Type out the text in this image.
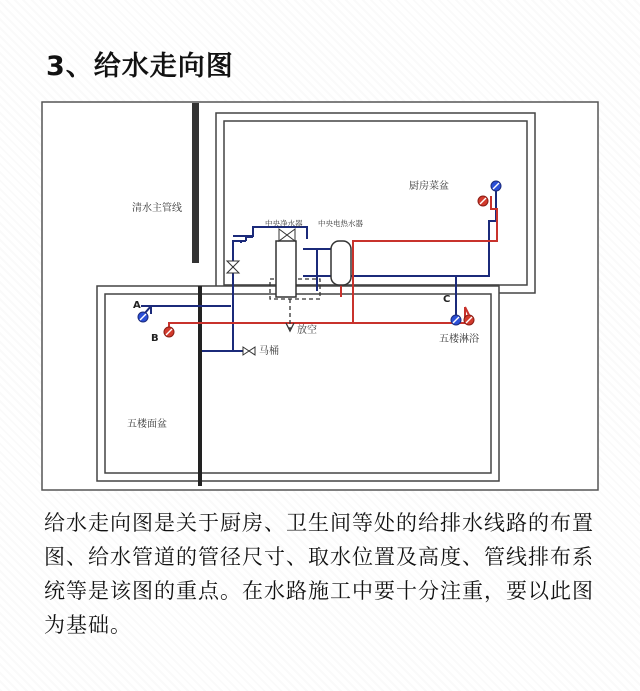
3、给水走向图
清水主管线
厨房菜盆
中央净水器 中央电热水器
放空
马桶
五楼淋浴
五楼面盆
A
B
C
给水走向图是关于厨房、卫生间等处的给排水线路的布置图、给水管道的管径尺寸、取水位置及高度、管线排布系统等是该图的重点。在水路施工中要十分注重，要以此图为基础。
